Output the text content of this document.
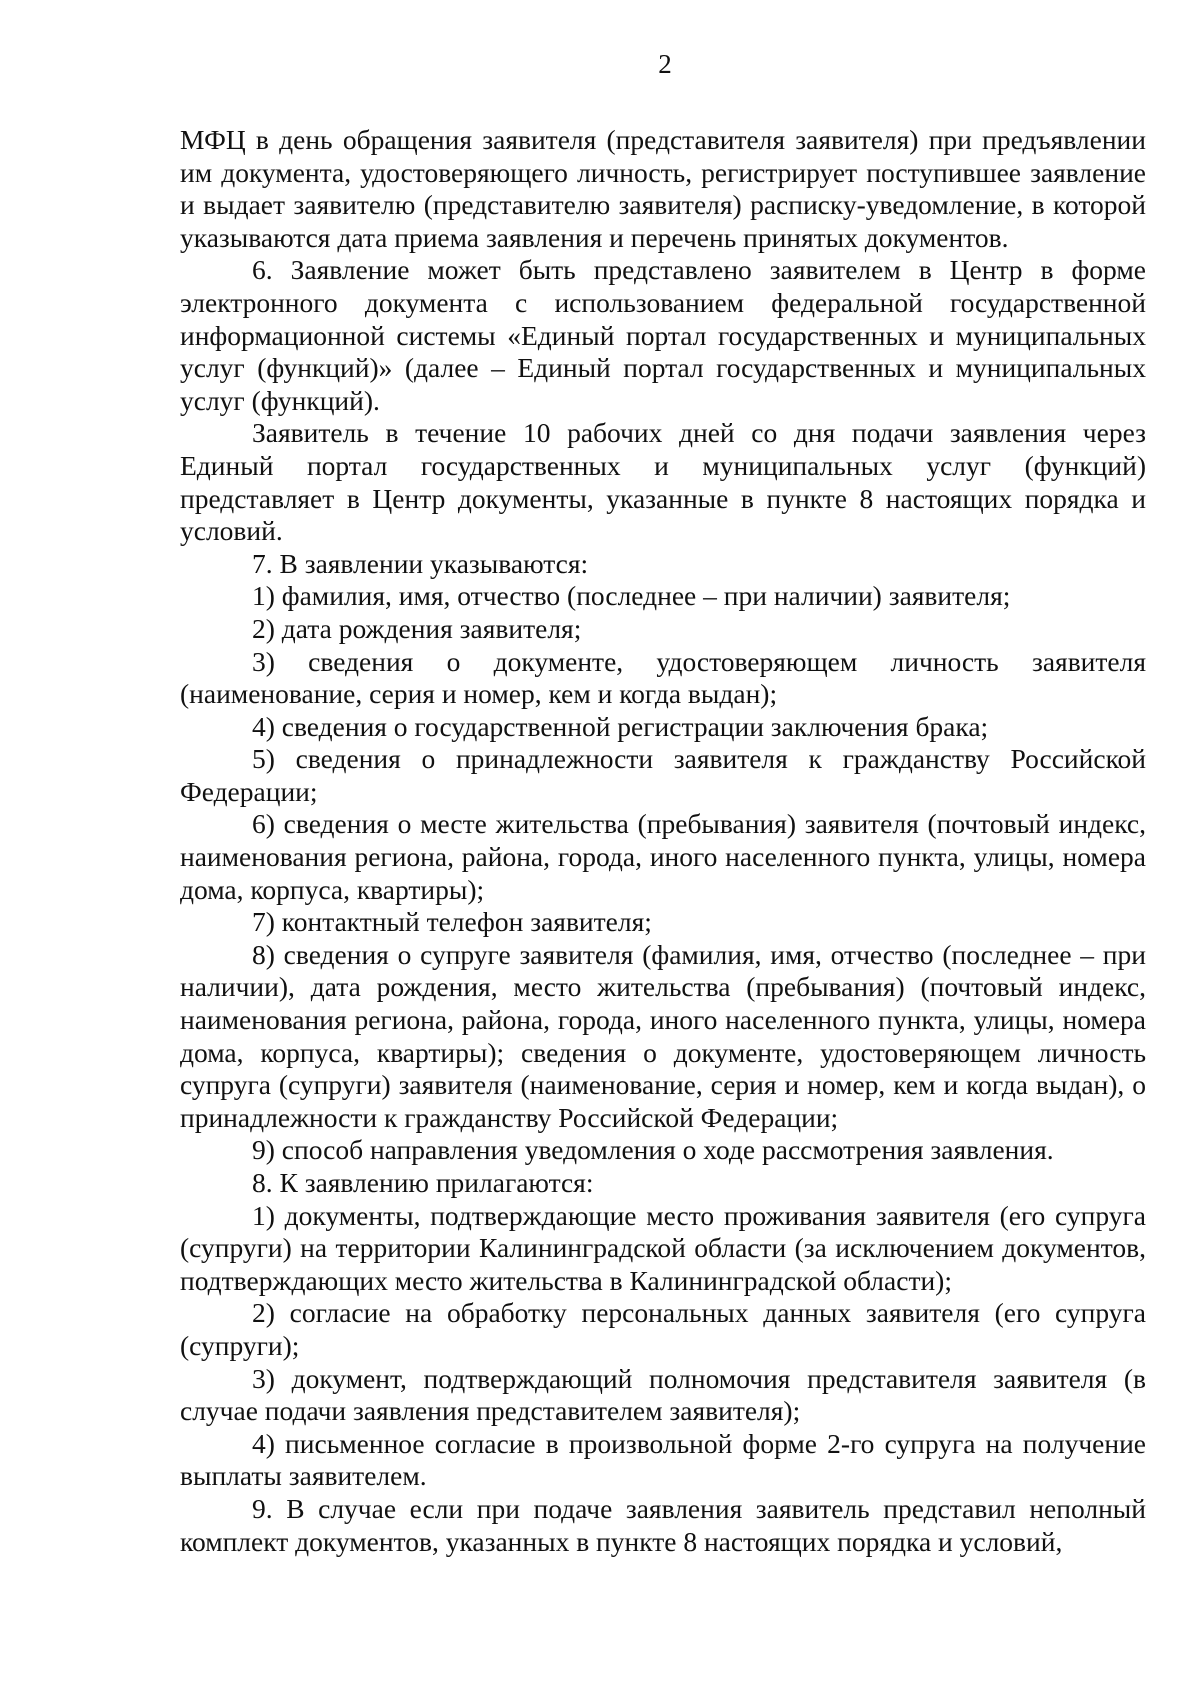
2

МФЦ в день обращения заявителя (представителя заявителя) при предъявлении им документа, удостоверяющего личность, регистрирует поступившее заявление и выдает заявителю (представителю заявителя) расписку-уведомление, в которой указываются дата приема заявления и перечень принятых документов.

6. Заявление может быть представлено заявителем в Центр в форме электронного документа с использованием федеральной государственной информационной системы «Единый портал государственных и муниципальных услуг (функций)» (далее – Единый портал государственных и муниципальных услуг (функций).

Заявитель в течение 10 рабочих дней со дня подачи заявления через Единый портал государственных и муниципальных услуг (функций) представляет в Центр документы, указанные в пункте 8 настоящих порядка и условий.

7. В заявлении указываются:

1) фамилия, имя, отчество (последнее – при наличии) заявителя;

2) дата рождения заявителя;

3) сведения о документе, удостоверяющем личность заявителя (наименование, серия и номер, кем и когда выдан);

4) сведения о государственной регистрации заключения брака;

5) сведения о принадлежности заявителя к гражданству Российской Федерации;

6) сведения о месте жительства (пребывания) заявителя (почтовый индекс, наименования региона, района, города, иного населенного пункта, улицы, номера дома, корпуса, квартиры);

7) контактный телефон заявителя;

8) сведения о супруге заявителя (фамилия, имя, отчество (последнее – при наличии), дата рождения, место жительства (пребывания) (почтовый индекс, наименования региона, района, города, иного населенного пункта, улицы, номера дома, корпуса, квартиры); сведения о документе, удостоверяющем личность супруга (супруги) заявителя (наименование, серия и номер, кем и когда выдан), о принадлежности к гражданству Российской Федерации;

9) способ направления уведомления о ходе рассмотрения заявления.

8. К заявлению прилагаются:

1) документы, подтверждающие место проживания заявителя (его супруга (супруги) на территории Калининградской области (за исключением документов, подтверждающих место жительства в Калининградской области);

2) согласие на обработку персональных данных заявителя (его супруга (супруги);

3) документ, подтверждающий полномочия представителя заявителя (в случае подачи заявления представителем заявителя);

4) письменное согласие в произвольной форме 2-го супруга на получение выплаты заявителем.

9. В случае если при подаче заявления заявитель представил неполный комплект документов, указанных в пункте 8 настоящих порядка и условий,
